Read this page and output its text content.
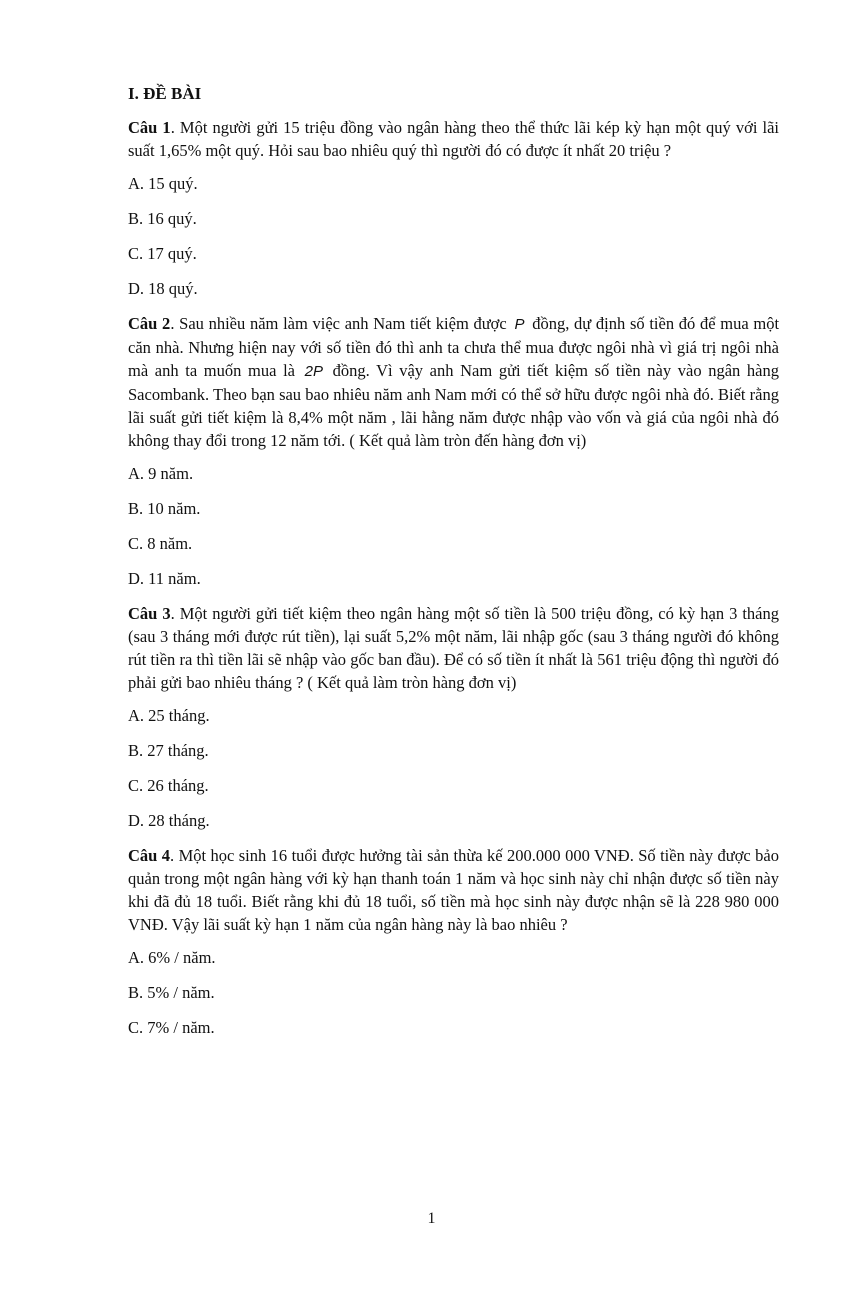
I. ĐỀ BÀI
Câu 1. Một người gửi 15 triệu đồng vào ngân hàng theo thể thức lãi kép kỳ hạn một quý với lãi suất 1,65% một quý. Hỏi sau bao nhiêu quý thì người đó có được ít nhất 20 triệu ?
A. 15 quý.
B. 16 quý.
C. 17 quý.
D. 18 quý.
Câu 2. Sau nhiều năm làm việc anh Nam tiết kiệm được P đồng, dự định số tiền đó để mua một căn nhà. Nhưng hiện nay với số tiền đó thì anh ta chưa thể mua được ngôi nhà vì giá trị ngôi nhà mà anh ta muốn mua là 2P đồng. Vì vậy anh Nam gửi tiết kiệm số tiền này vào ngân hàng Sacombank. Theo bạn sau bao nhiêu năm anh Nam mới có thể sở hữu được ngôi nhà đó. Biết rằng lãi suất gửi tiết kiệm là 8,4% một năm , lãi hằng năm được nhập vào vốn và giá của ngôi nhà đó không thay đổi trong 12 năm tới. ( Kết quả làm tròn đến hàng đơn vị)
A. 9 năm.
B. 10 năm.
C. 8 năm.
D. 11 năm.
Câu 3. Một người gửi tiết kiệm theo ngân hàng một số tiền là 500 triệu đồng, có kỳ hạn 3 tháng (sau 3 tháng mới được rút tiền), lại suất 5,2% một năm, lãi nhập gốc (sau 3 tháng người đó không rút tiền ra thì tiền lãi sẽ nhập vào gốc ban đầu). Để có số tiền ít nhất là 561 triệu động thì người đó phải gửi bao nhiêu tháng ? ( Kết quả làm tròn hàng đơn vị)
A. 25 tháng.
B. 27 tháng.
C. 26 tháng.
D. 28 tháng.
Câu 4. Một học sinh 16 tuổi được hưởng tài sản thừa kế 200.000 000 VNĐ. Số tiền này được bảo quản trong một ngân hàng với kỳ hạn thanh toán 1 năm và học sinh này chỉ nhận được số tiền này khi đã đủ 18 tuổi. Biết rằng khi đủ 18 tuổi, số tiền mà học sinh này được nhận sẽ là 228 980 000 VNĐ. Vậy lãi suất kỳ hạn 1 năm của ngân hàng này là bao nhiêu ?
A. 6% / năm.
B. 5% / năm.
C. 7% / năm.
1
